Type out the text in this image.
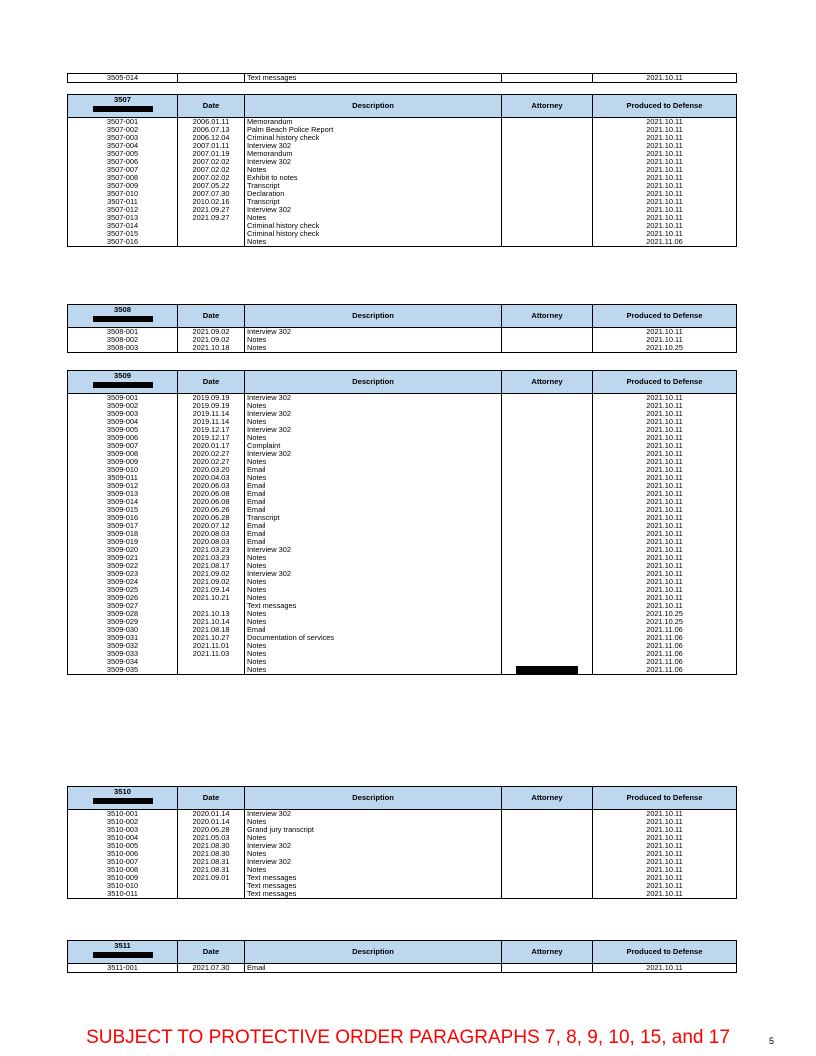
3505-014		Text messages		2021.10.11
3507	Date	Description	Attorney	Produced to Defense
3507-001	2006.01.11	Memorandum		2021.10.11
3507-002	2006.07.13	Palm Beach Police Report		2021.10.11
3507-003	2006.12.04	Criminal history check		2021.10.11
3507-004	2007.01.11	Interview 302		2021.10.11
3507-005	2007.01.19	Memorandum		2021.10.11
3507-006	2007.02.02	Interview 302		2021.10.11
3507-007	2007.02.02	Notes		2021.10.11
3507-008	2007.02.02	Exhibit to notes		2021.10.11
3507-009	2007.05.22	Transcript		2021.10.11
3507-010	2007.07.30	Declaration		2021.10.11
3507-011	2010.02.16	Transcript		2021.10.11
3507-012	2021.09.27	Interview 302		2021.10.11
3507-013	2021.09.27	Notes		2021.10.11
3507-014		Criminal history check		2021.10.11
3507-015		Criminal history check		2021.10.11
3507-016		Notes		2021.11.06
3508	Date	Description	Attorney	Produced to Defense
3508-001	2021.09.02	Interview 302		2021.10.11
3508-002	2021.09.02	Notes		2021.10.11
3508-003	2021.10.18	Notes		2021.10.25
3509	Date	Description	Attorney	Produced to Defense
3509-001	2019.09.19	Interview 302		2021.10.11
3509-002	2019.09.19	Notes		2021.10.11
3509-003	2019.11.14	Interview 302		2021.10.11
3509-004	2019.11.14	Notes		2021.10.11
3509-005	2019.12.17	Interview 302		2021.10.11
3509-006	2019.12.17	Notes		2021.10.11
3509-007	2020.01.17	Complaint		2021.10.11
3509-008	2020.02.27	Interview 302		2021.10.11
3509-009	2020.02.27	Notes		2021.10.11
3509-010	2020.03.20	Email		2021.10.11
3509-011	2020.04.03	Notes		2021.10.11
3509-012	2020.06.03	Email		2021.10.11
3509-013	2020.06.08	Email		2021.10.11
3509-014	2020.06.08	Email		2021.10.11
3509-015	2020.06.26	Email		2021.10.11
3509-016	2020.06.28	Transcript		2021.10.11
3509-017	2020.07.12	Email		2021.10.11
3509-018	2020.08.03	Email		2021.10.11
3509-019	2020.08.03	Email		2021.10.11
3509-020	2021.03.23	Interview 302		2021.10.11
3509-021	2021.03.23	Notes		2021.10.11
3509-022	2021.08.17	Notes		2021.10.11
3509-023	2021.09.02	Interview 302		2021.10.11
3509-024	2021.09.02	Notes		2021.10.11
3509-025	2021.09.14	Notes		2021.10.11
3509-026	2021.10.21	Notes		2021.10.11
3509-027		Text messages		2021.10.11
3509-028	2021.10.13	Notes		2021.10.25
3509-029	2021.10.14	Notes		2021.10.25
3509-030	2021.08.18	Email		2021.11.06
3509-031	2021.10.27	Documentation of services		2021.11.06
3509-032	2021.11.01	Notes		2021.11.06
3509-033	2021.11.03	Notes		2021.11.06
3509-034		Notes		2021.11.06
3509-035		Notes		2021.11.06
3510	Date	Description	Attorney	Produced to Defense
3510-001	2020.01.14	Interview 302		2021.10.11
3510-002	2020.01.14	Notes		2021.10.11
3510-003	2020.06.28	Grand jury transcript		2021.10.11
3510-004	2021.05.03	Notes		2021.10.11
3510-005	2021.08.30	Interview 302		2021.10.11
3510-006	2021.08.30	Notes		2021.10.11
3510-007	2021.08.31	Interview 302		2021.10.11
3510-008	2021.08.31	Notes		2021.10.11
3510-009	2021.09.01	Text messages		2021.10.11
3510-010		Text messages		2021.10.11
3510-011		Text messages		2021.10.11
3511	Date	Description	Attorney	Produced to Defense
3511-001	2021.07.30	Email		2021.10.11
SUBJECT TO PROTECTIVE ORDER PARAGRAPHS 7, 8, 9, 10, 15, and 17	5
